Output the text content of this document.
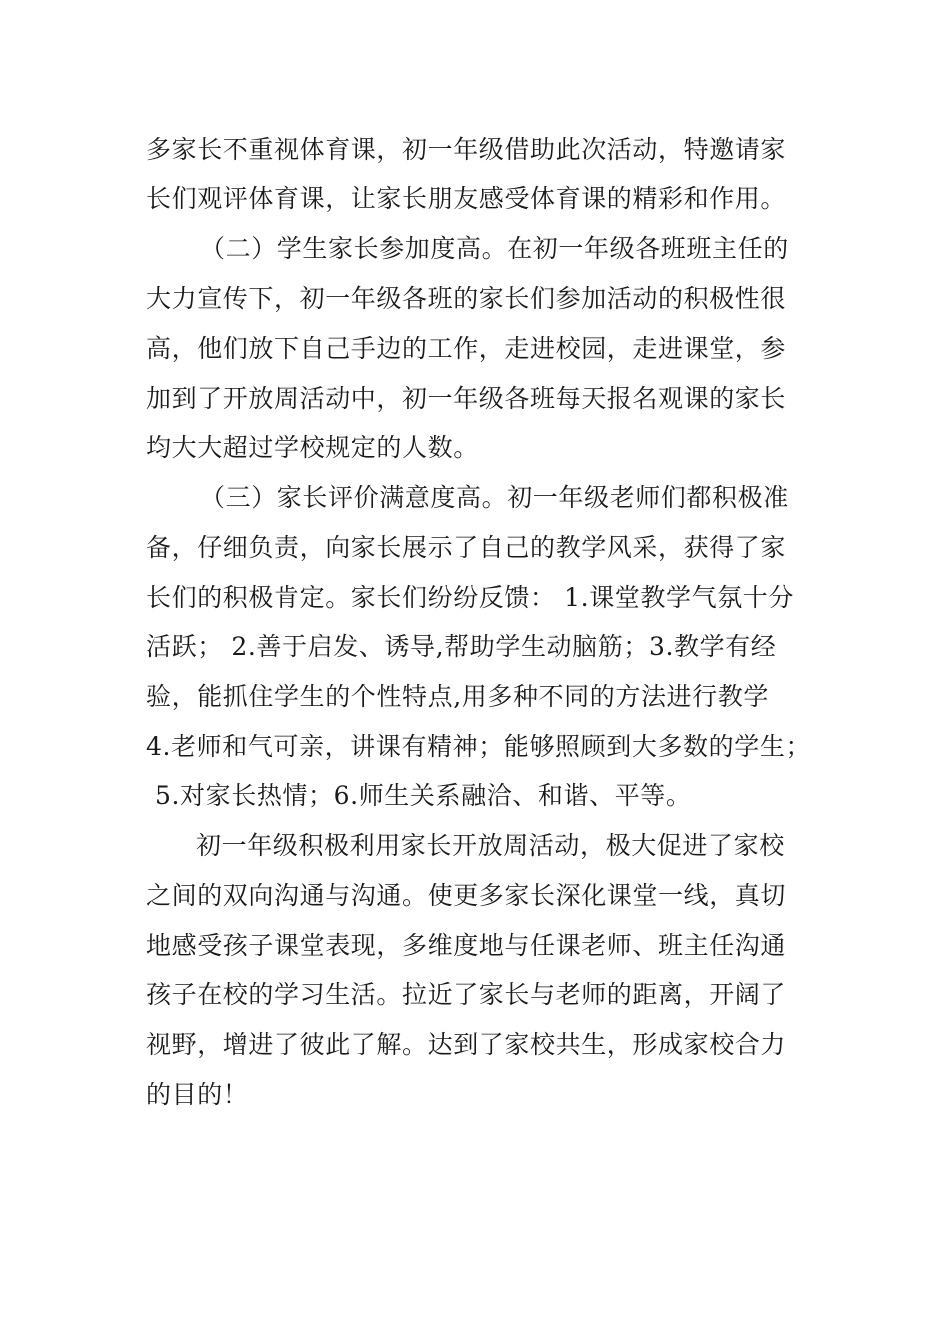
多家长不重视体育课，初一年级借助此次活动，特邀请家
长们观评体育课，让家长朋友感受体育课的精彩和作用。
（二）学生家长参加度高。在初一年级各班班主任的
大力宣传下，初一年级各班的家长们参加活动的积极性很
高，他们放下自己手边的工作，走进校园，走进课堂，参
加到了开放周活动中，初一年级各班每天报名观课的家长
均大大超过学校规定的人数。
（三）家长评价满意度高。初一年级老师们都积极准
备，仔细负责，向家长展示了自己的教学风采，获得了家
长们的积极肯定。家长们纷纷反馈： 1.课堂教学气氛十分
活跃； 2.善于启发、诱导,帮助学生动脑筋；3.教学有经
验，能抓住学生的个性特点,用多种不同的方法进行教学
4.老师和气可亲，讲课有精神；能够照顾到大多数的学生；
5.对家长热情；6.师生关系融洽、和谐、平等。
初一年级积极利用家长开放周活动，极大促进了家校
之间的双向沟通与沟通。使更多家长深化课堂一线，真切
地感受孩子课堂表现，多维度地与任课老师、班主任沟通
孩子在校的学习生活。拉近了家长与老师的距离，开阔了
视野，增进了彼此了解。达到了家校共生，形成家校合力
的目的！
